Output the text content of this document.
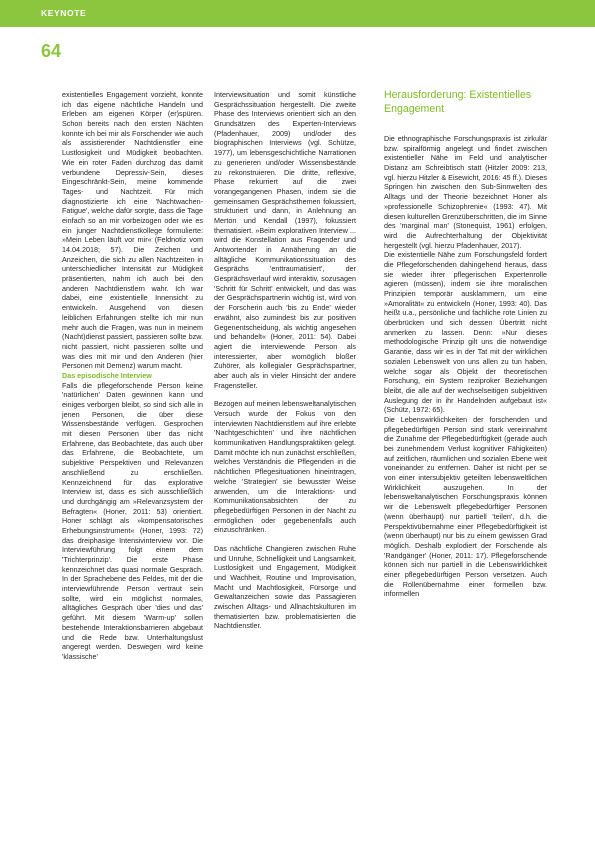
KEYNOTE
64

existentielles Engagement vorzieht, konnte ich das eigene nächtliche Handeln und Erleben am eigenen Körper (er)spüren. Schon bereits nach den ersten Nächten konnte ich bei mir als Forschender wie auch als assistierender Nachtdienstler eine Lustlosigkeit und Müdigkeit beobachten. Wie ein roter Faden durchzog das damit verbundene Depressiv-Sein, dieses Eingeschränkt-Sein, meine kommende Tages- und Nachtzeit. Für mich diagnostizierte ich eine 'Nachtwachen-Fatigue', welche dafür sorgte, dass die Tage einfach so an mir vorbeizogen oder wie es ein junger Nachtdienstkollege formulierte: »Mein Leben läuft vor mir« (Feldnotiz vom 14.04.2018; 57). Die Zeichen und Anzeichen, die sich zu allen Nachtzeiten in unterschiedlicher Intensität zur Müdigkeit präsentierten, nahm ich auch bei den anderen Nachtdienstlern wahr. Ich war dabei, eine existentielle Innensicht zu entwickeln. Ausgehend von diesen leiblichen Erfahrungen stellte ich mir nun mehr auch die Fragen, was nun in meinem (Nacht)dienst passiert, passieren sollte bzw. nicht passiert, nicht passieren sollte und was dies mit mir und den Anderen (hier Personen mit Demenz) warum macht.

Das episodische Interview

Falls die pflegeforschende Person keine 'natürlichen' Daten gewinnen kann und einiges verborgen bleibt, so sind sich alle in jenen Personen, die über diese Wissensbestände verfügen. Gesprochen mit diesen Personen über das nicht Erfahrene, das Beobachtete, das auch über das Erfahrene, die Beobachtete, um subjektive Perspektiven und Relevanzen anschließend zu erschließen. Kennzeichnend für das explorative Interview ist, dass es sich ausschließlich und durchgängig am »Relevanzsystem der Befragten« (Honer, 2011: 53) orientiert. Honer schlägt als »kompensatorisches Erhebungsinstrument« (Honer, 1993: 72) das dreiphasige Intensivinterview vor. Die Interviewführung folgt einem dem 'Trichterprinzip'. Die erste Phase kennzeichnet das quasi normale Gespräch. In der Sprachebene des Feldes, mit der die interviewführende Person vertraut sein sollte, wird ein möglichst normales, alltägliches Gespräch über 'dies und das' geführt. Mit diesem 'Warm-up' sollen bestehende Interaktionsbarrieren abgebaut und die Rede bzw. Unterhaltungslust angeregt werden. Deswegen wird keine 'klassische'

Interviewsituation und somit künstliche Gesprächssituation hergestellt. Die zweite Phase des Interviews orientiert sich an den Grundsätzen des Experten-Interviews (Pfadenhauer, 2009) und/oder des biographischen Interviews (vgl. Schütze, 1977), um lebensgeschichtliche Narrationen zu generieren und/oder Wissensbestände zu rekonstruieren. Die dritte, reflexive, Phase rekurriert auf die zwei vorangegangenen Phasen, indem sie die gemeinsamen Gesprächsthemen fokussiert, strukturiert und dann, in Anlehnung an Merton und Kendall (1997), fokussiert thematisiert. »Beim explorativen Interview ... wird die Konstellation aus Fragender und Antwortender in Annäherung an die alltägliche Kommunikationssituation des Gesprächs 'enttraumatisiert', der Gesprächsverlauf wird interaktiv, sozusagen 'Schritt für Schritt' entwickelt, und das was der Gesprächspartnerin wichtig ist, wird von der Forscherin auch 'bis zu Ende' wieder erwähnt, also zumindest bis zur positiven Gegenentscheidung, als wichtig angesehen und behandelt« (Honer, 2011: 54). Dabei agiert die interviewende Person als interessierter, aber womöglich bloßer Zuhörer, als kollegialer Gesprächspartner, aber auch als in vieler Hinsicht der andere Fragensteller.

Bezogen auf meinen lebensweltanalytischen Versuch wurde der Fokus von den interviewten Nachtdienstlern auf ihre erlebte 'Nachtgeschichten' und ihre nächtlichen kommunikativen Handlungspraktiken gelegt. Damit möchte ich nun zunächst erschließen, welches Verständnis die Pflegenden in die nächtlichen Pflegesituationen hineintragen, welche 'Strategien' sie bewusster Weise anwenden, um die Interaktions- und Kommunikationsabsichten der zu pflegebedürftigen Personen in der Nacht zu ermöglichen oder gegebenenfalls auch einzuschränken.

Das nächtliche Changieren zwischen Ruhe und Unruhe, Schnelligkeit und Langsamkeit, Lustlosigkeit und Engagement, Müdigkeit und Wachheit, Routine und Improvisation, Macht und Machtlosigkeit, Fürsorge und Gewaltanzeichen sowie das Passagieren zwischen Alltags- und Allnachtskulturen im thematisierten bzw. problematisierten die Nachtdienstler.

Herausforderung: Existentielles Engagement

Die ethnographische Forschungspraxis ist zirkulär bzw. spiralförmig angelegt und findet zwischen existentieller Nähe im Feld und analytischer Distanz am Schreibtisch statt (Hitzler 2009: 213, vgl. hierzu Hitzler & Eisewicht, 2016: 45 ff.). Dieses Springen hin zwischen den Sub-Sinnwelten des Alltags und der Theorie bezeichnet Honer als »professionelle Schizophrenie« (1993: 47). Mit diesen kulturellen Grenzüberschritten, die im Sinne des 'marginal man' (Stonequist, 1961) erfolgen, wird die Aufrechterhaltung der Objektivität hergestellt (vgl. hierzu Pfadenhauer, 2017).

Die existentielle Nähe zum Forschungsfeld fordert die Pflegeforschenden dahingehend heraus, dass sie wieder ihrer pflegerischen Expertenrolle agieren (müssen), indem sie ihre moralischen Prinzipien temporär ausklammern, um eine »Amoralität« zu entwickeln (Honer, 1993: 40). Das heißt u.a., persönliche und fachliche rote Linien zu überbrücken und sich dessen Übertritt nicht anmerken zu lassen. Denn: »Nur dieses methodologische Prinzip gilt uns die notwendige Garantie, dass wir es in der Tat mit der wirklichen sozialen Lebenswelt von uns allen zu tun haben, welche sogar als Objekt der theoretischen Forschung, ein System reziproker Beziehungen bleibt, die alle auf der wechselseitigen subjektiven Auslegung der in ihr Handelnden aufgebaut ist« (Schütz, 1972: 65).

Die Lebenswirklichkeiten der forschenden und pflegebedürftigen Person sind stark vereinnahmt die Zunahme der Pflegebedürftigkeit (gerade auch bei zunehmendem Verlust kognitiver Fähigkeiten) auf zeitlichen, räumlichen und sozialen Ebene weit voneinander zu entfernen. Daher ist nicht per se von einer intersubjektiv geteilten lebensweltlichen Wirklichkeit auszugehen. In der lebensweltanalytischen Forschungspraxis können wir die Lebenswelt pflegebedürftiger Personen (wenn überhaupt) nur partiell 'teilen', d.h. die Perspektivübernahme einer Pflegebedürftigkeit ist (wenn überhaupt) nur bis zu einem gewissen Grad möglich. Deshalb explodiert der Forschende als 'Randgänger' (Honer, 2011: 17). Pflegeforschende können sich nur partiell in die Lebenswirklichkeit einer pflegebedürftigen Person versetzen. Auch die Rollenübernahme einer formellen bzw. informellen
